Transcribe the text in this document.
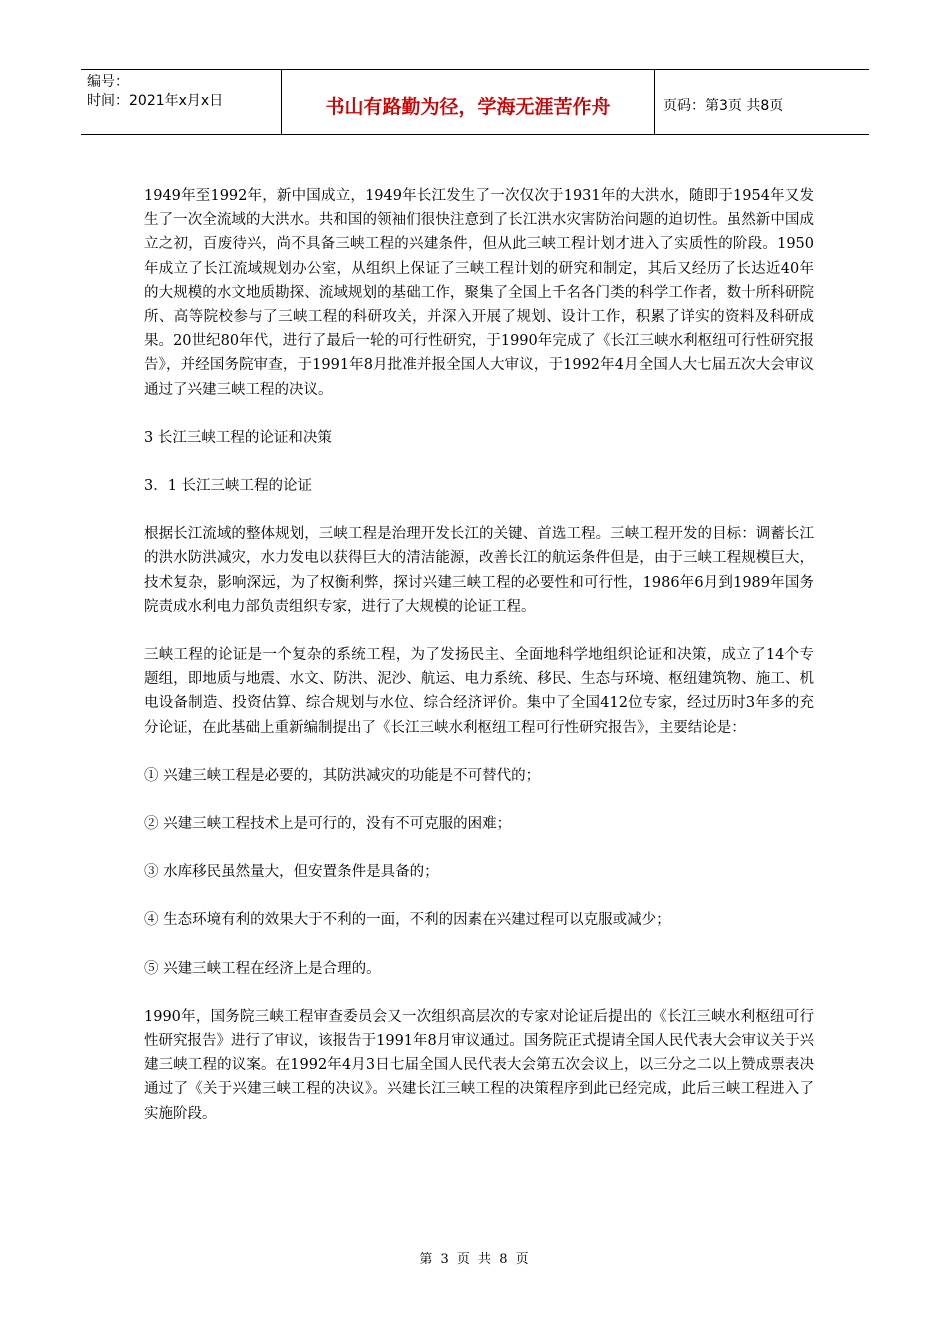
编号：
时间：2021年x月x日	书山有路勤为径，学海无涯苦作舟	页码：第3页 共8页

1949年至1992年，新中国成立，1949年长江发生了一次仅次于1931年的大洪水，随即于1954年又发生了一次全流域的大洪水。共和国的领袖们很快注意到了长江洪水灾害防治问题的迫切性。虽然新中国成立之初，百废待兴，尚不具备三峡工程的兴建条件，但从此三峡工程计划才进入了实质性的阶段。1950年成立了长江流域规划办公室，从组织上保证了三峡工程计划的研究和制定，其后又经历了长达近40年的大规模的水文地质勘探、流域规划的基础工作，聚集了全国上千名各门类的科学工作者，数十所科研院所、高等院校参与了三峡工程的科研攻关，并深入开展了规划、设计工作，积累了详实的资料及科研成果。20世纪80年代，进行了最后一轮的可行性研究，于1990年完成了《长江三峡水利枢纽可行性研究报告》，并经国务院审查，于1991年8月批准并报全国人大审议，于1992年4月全国人大七届五次大会审议通过了兴建三峡工程的决议。

3 长江三峡工程的论证和决策

3．1 长江三峡工程的论证

根据长江流域的整体规划，三峡工程是治理开发长江的关键、首选工程。三峡工程开发的目标：调蓄长江的洪水防洪减灾，水力发电以获得巨大的清洁能源，改善长江的航运条件但是，由于三峡工程规模巨大，技术复杂，影响深远，为了权衡利弊，探讨兴建三峡工程的必要性和可行性，1986年6月到1989年国务院责成水利电力部负责组织专家，进行了大规模的论证工程。

三峡工程的论证是一个复杂的系统工程，为了发扬民主、全面地科学地组织论证和决策，成立了14个专题组，即地质与地震、水文、防洪、泥沙、航运、电力系统、移民、生态与环境、枢纽建筑物、施工、机电设备制造、投资估算、综合规划与水位、综合经济评价。集中了全国412位专家，经过历时3年多的充分论证，在此基础上重新编制提出了《长江三峡水利枢纽工程可行性研究报告》，主要结论是：

① 兴建三峡工程是必要的，其防洪减灾的功能是不可替代的；

② 兴建三峡工程技术上是可行的，没有不可克服的困难；

③ 水库移民虽然量大，但安置条件是具备的；

④ 生态环境有利的效果大于不利的一面，不利的因素在兴建过程可以克服或减少；

⑤ 兴建三峡工程在经济上是合理的。

1990年，国务院三峡工程审查委员会又一次组织高层次的专家对论证后提出的《长江三峡水利枢纽可行性研究报告》进行了审议，该报告于1991年8月审议通过。国务院正式提请全国人民代表大会审议关于兴建三峡工程的议案。在1992年4月3日七届全国人民代表大会第五次会议上，以三分之二以上赞成票表决通过了《关于兴建三峡工程的决议》。兴建长江三峡工程的决策程序到此已经完成，此后三峡工程进入了实施阶段。

第 3 页 共 8 页
